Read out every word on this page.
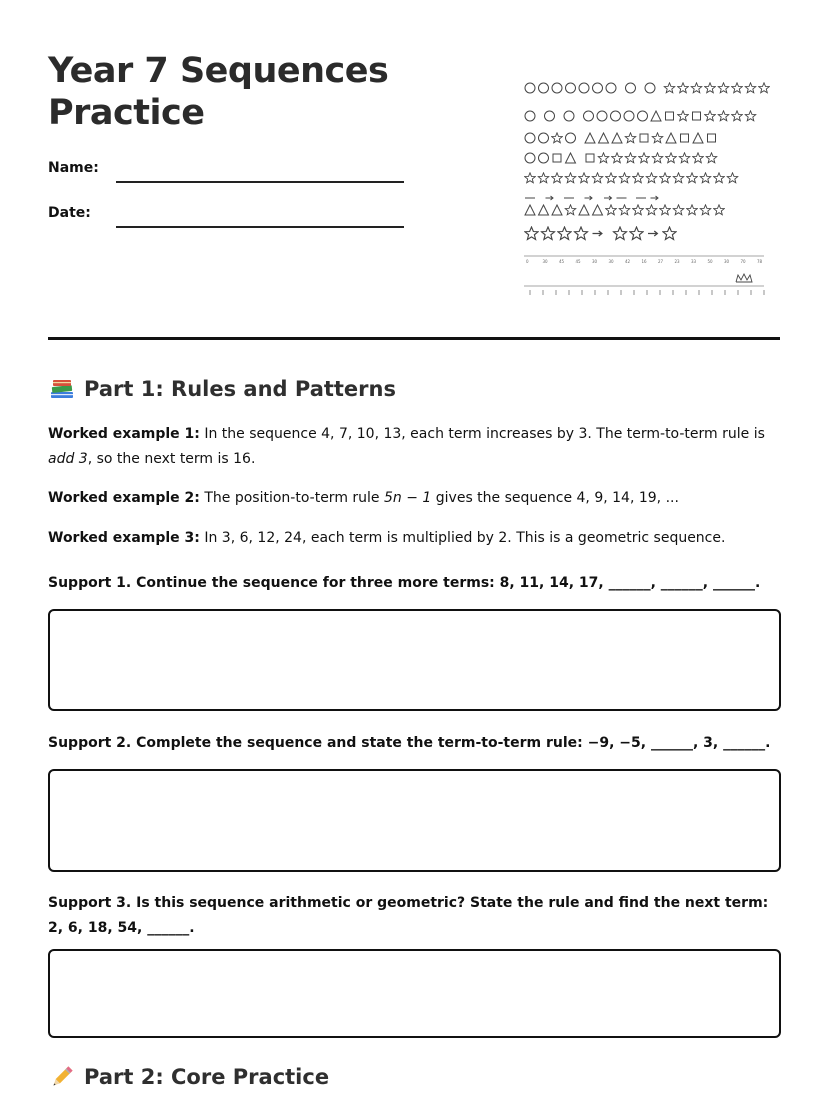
Year 7 Sequences
Practice
Name:
Date:
0	30	45	45	30	30	42	16	27	23	33	50	30	70	78
Part 1: Rules and Patterns

Worked example 1: In the sequence 4, 7, 10, 13, each term increases by 3. The term-to-term rule is add 3, so the next term is 16.

Worked example 2: The position-to-term rule 5n − 1 gives the sequence 4, 9, 14, 19, ...

Worked example 3: In 3, 6, 12, 24, each term is multiplied by 2. This is a geometric sequence.

Support 1. Continue the sequence for three more terms: 8, 11, 14, 17, ______, ______, ______.

Support 2. Complete the sequence and state the term-to-term rule: −9, −5, ______, 3, ______.

Support 3. Is this sequence arithmetic or geometric? State the rule and find the next term: 2, 6, 18, 54, ______.

Part 2: Core Practice
